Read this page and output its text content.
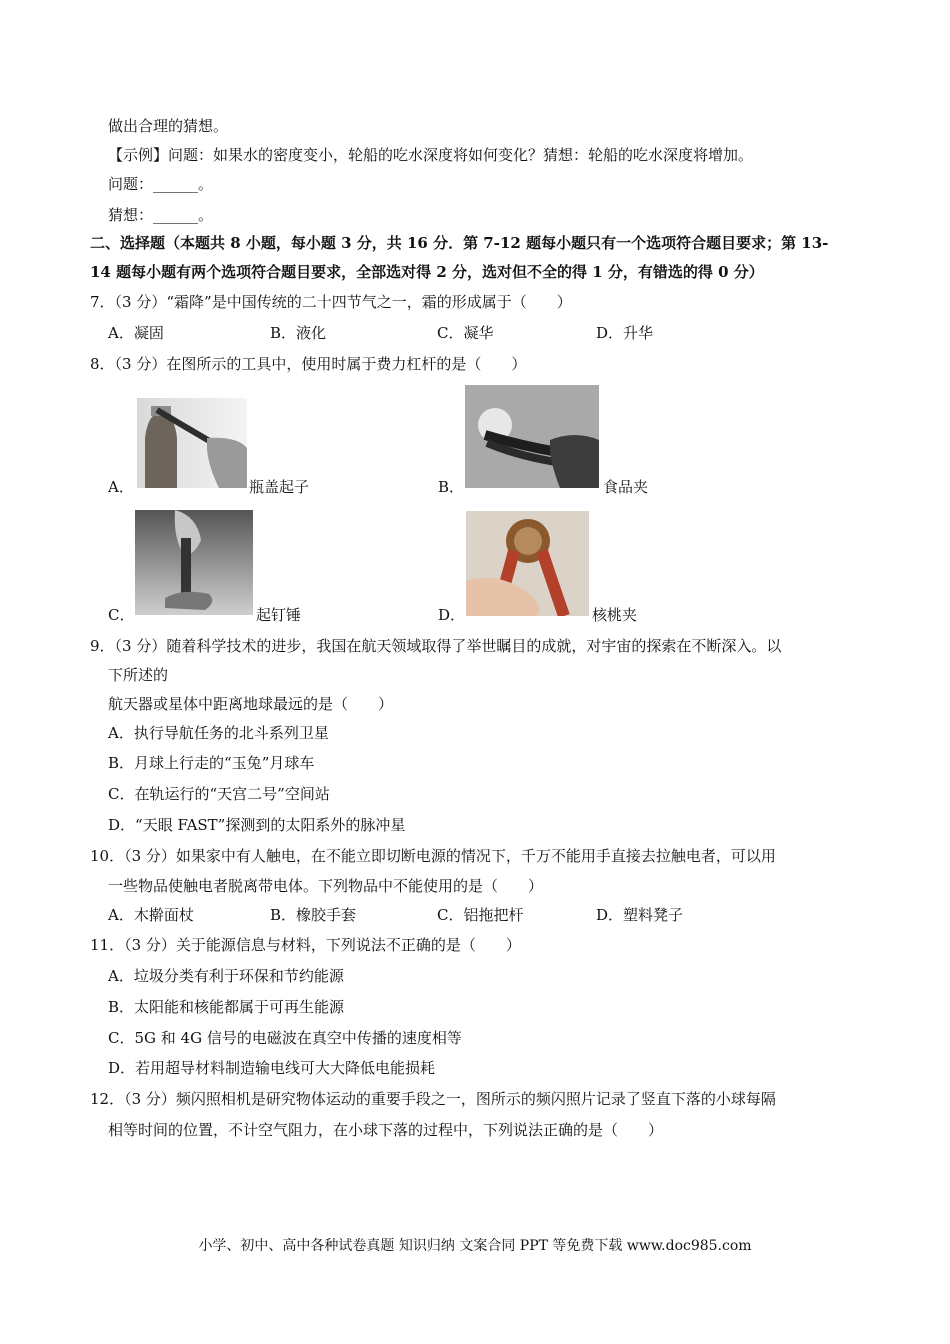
做出合理的猜想。
【示例】问题：如果水的密度变小，轮船的吃水深度将如何变化？猜想：轮船的吃水深度将增加。
问题：______。
猜想：______。
二、选择题（本题共 8 小题，每小题 3 分，共 16 分．第 7-12 题每小题只有一个选项符合题目要求；第 13-
14 题每小题有两个选项符合题目要求，全部选对得 2 分，选对但不全的得 1 分，有错选的得 0 分）
7．（3 分）“霜降”是中国传统的二十四节气之一，霜的形成属于（　　）
A．凝固	B．液化	C．凝华	D．升华
8．（3 分）在图所示的工具中，使用时属于费力杠杆的是（　　）
A．	瓶盖起子	B．	食品夹
C．	起钉锤	D．	核桃夹
9．（3 分）随着科学技术的进步，我国在航天领域取得了举世瞩目的成就，对宇宙的探索在不断深入。以
下所述的
航天器或星体中距离地球最远的是（　　）
A．执行导航任务的北斗系列卫星
B．月球上行走的“玉兔”月球车
C．在轨运行的“天宫二号”空间站
D．“天眼 FAST”探测到的太阳系外的脉冲星
10．（3 分）如果家中有人触电，在不能立即切断电源的情况下，千万不能用手直接去拉触电者，可以用
一些物品使触电者脱离带电体。下列物品中不能使用的是（　　）
A．木擀面杖	B．橡胶手套	C．铝拖把杆	D．塑料凳子
11．（3 分）关于能源信息与材料，下列说法不正确的是（　　）
A．垃圾分类有利于环保和节约能源
B．太阳能和核能都属于可再生能源
C．5G 和 4G 信号的电磁波在真空中传播的速度相等
D．若用超导材料制造输电线可大大降低电能损耗
12．（3 分）频闪照相机是研究物体运动的重要手段之一，图所示的频闪照片记录了竖直下落的小球每隔
相等时间的位置，不计空气阻力，在小球下落的过程中，下列说法正确的是（　　）
小学、初中、高中各种试卷真题 知识归纳 文案合同 PPT 等免费下载 www.doc985.com
